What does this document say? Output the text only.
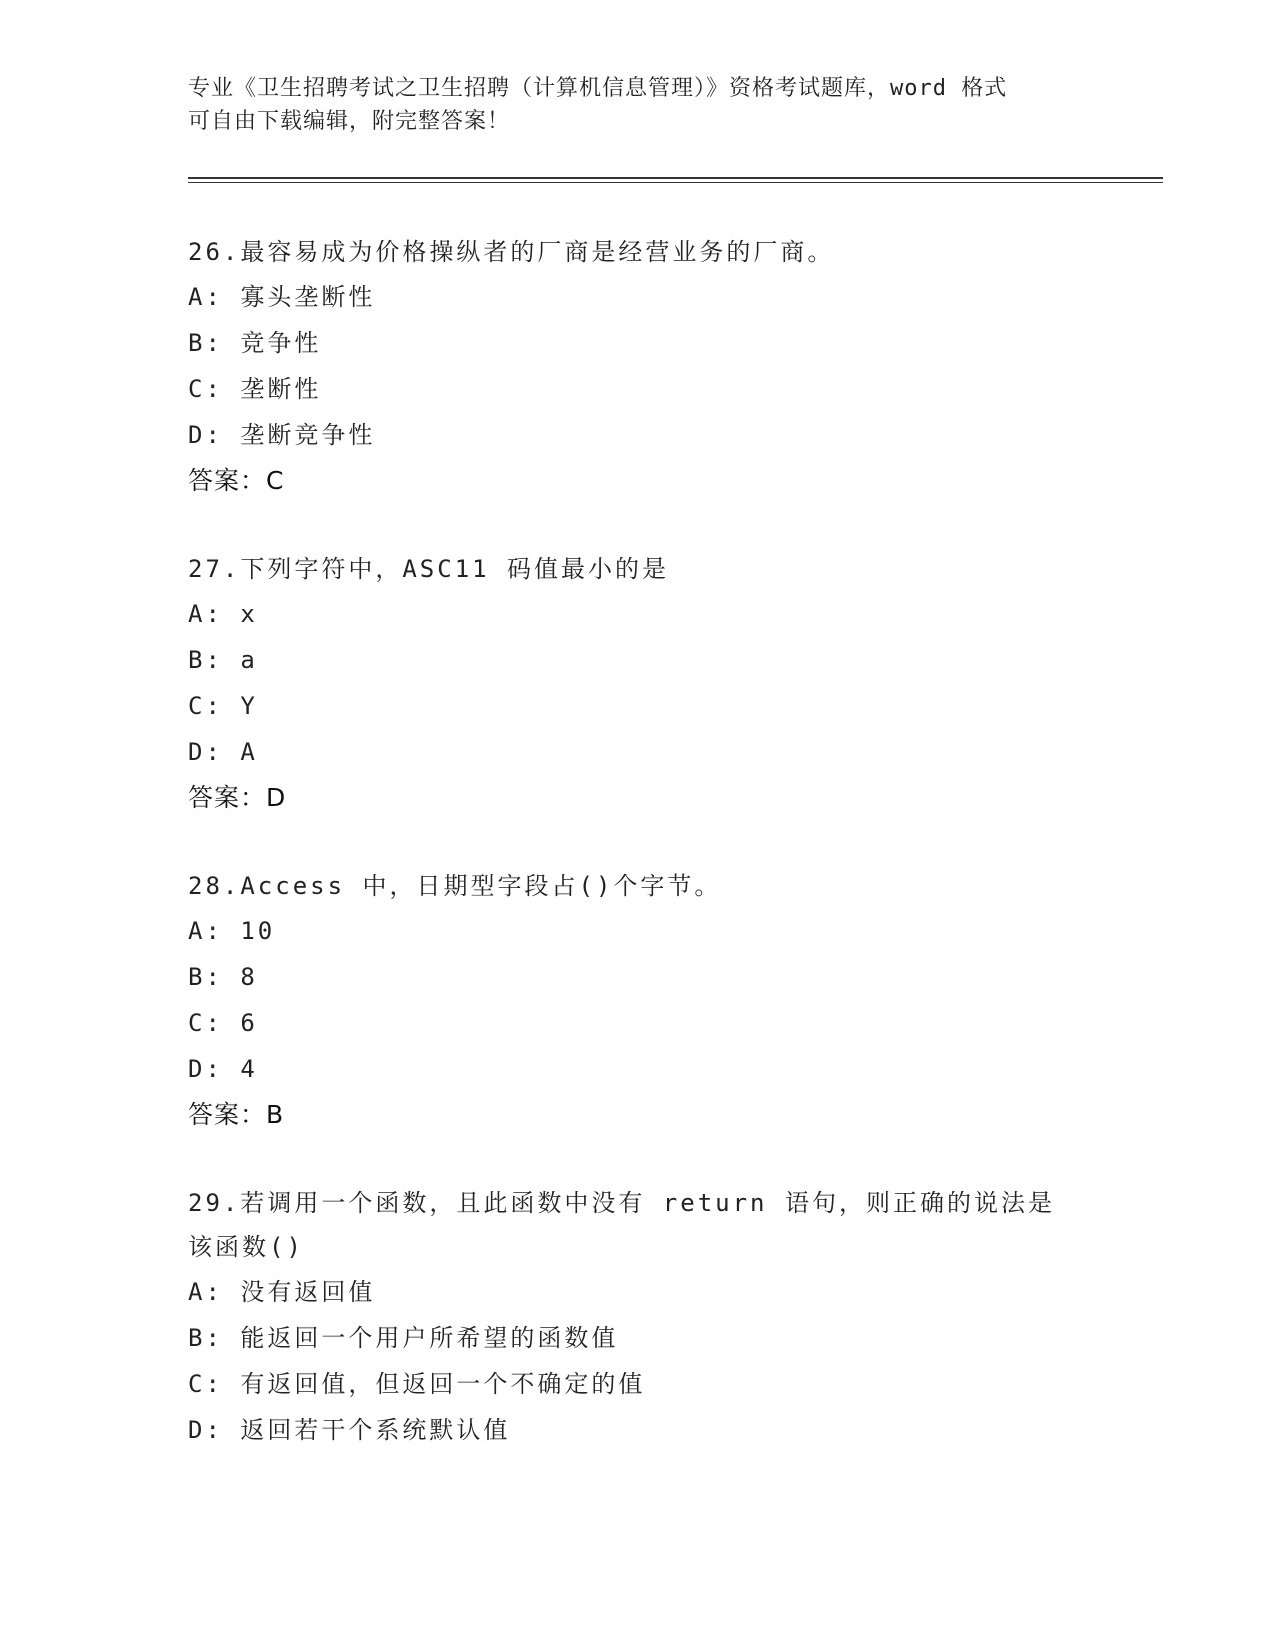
专业《卫生招聘考试之卫生招聘（计算机信息管理）》资格考试题库，word 格式
可自由下载编辑，附完整答案！
26.最容易成为价格操纵者的厂商是经营业务的厂商。
A: 寡头垄断性
B: 竞争性
C: 垄断性
D: 垄断竞争性
答案：C
27.下列字符中，ASC11 码值最小的是
A: x
B: a
C: Y
D: A
答案：D
28.Access 中，日期型字段占()个字节。
A: 10
B: 8
C: 6
D: 4
答案：B
29.若调用一个函数，且此函数中没有 return 语句，则正确的说法是
该函数()
A: 没有返回值
B: 能返回一个用户所希望的函数值
C: 有返回值，但返回一个不确定的值
D: 返回若干个系统默认值
